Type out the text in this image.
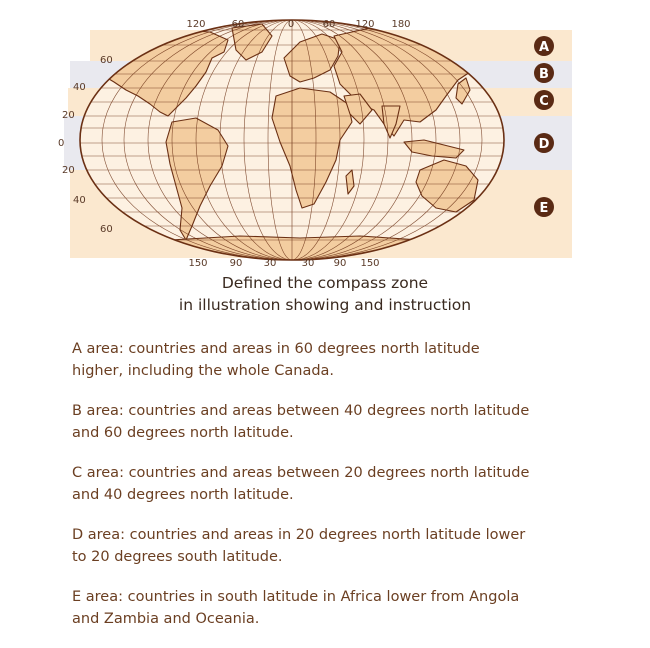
120	60	0	60 120 180
150 90 30	30 90 150
60
40
20
0
20
40
60
A
B
C
D
E
Defined the compass zone
in illustration showing and instruction
A area: countries and areas in 60 degrees north latitude
higher, including the whole Canada.
B area: countries and areas between 40 degrees north latitude
and 60 degrees north latitude.
C area: countries and areas between 20 degrees north latitude
and 40 degrees north latitude.
D area: countries and areas in 20 degrees north latitude lower
to 20 degrees south latitude.
E area: countries in south latitude in Africa lower from Angola
and Zambia and Oceania.
